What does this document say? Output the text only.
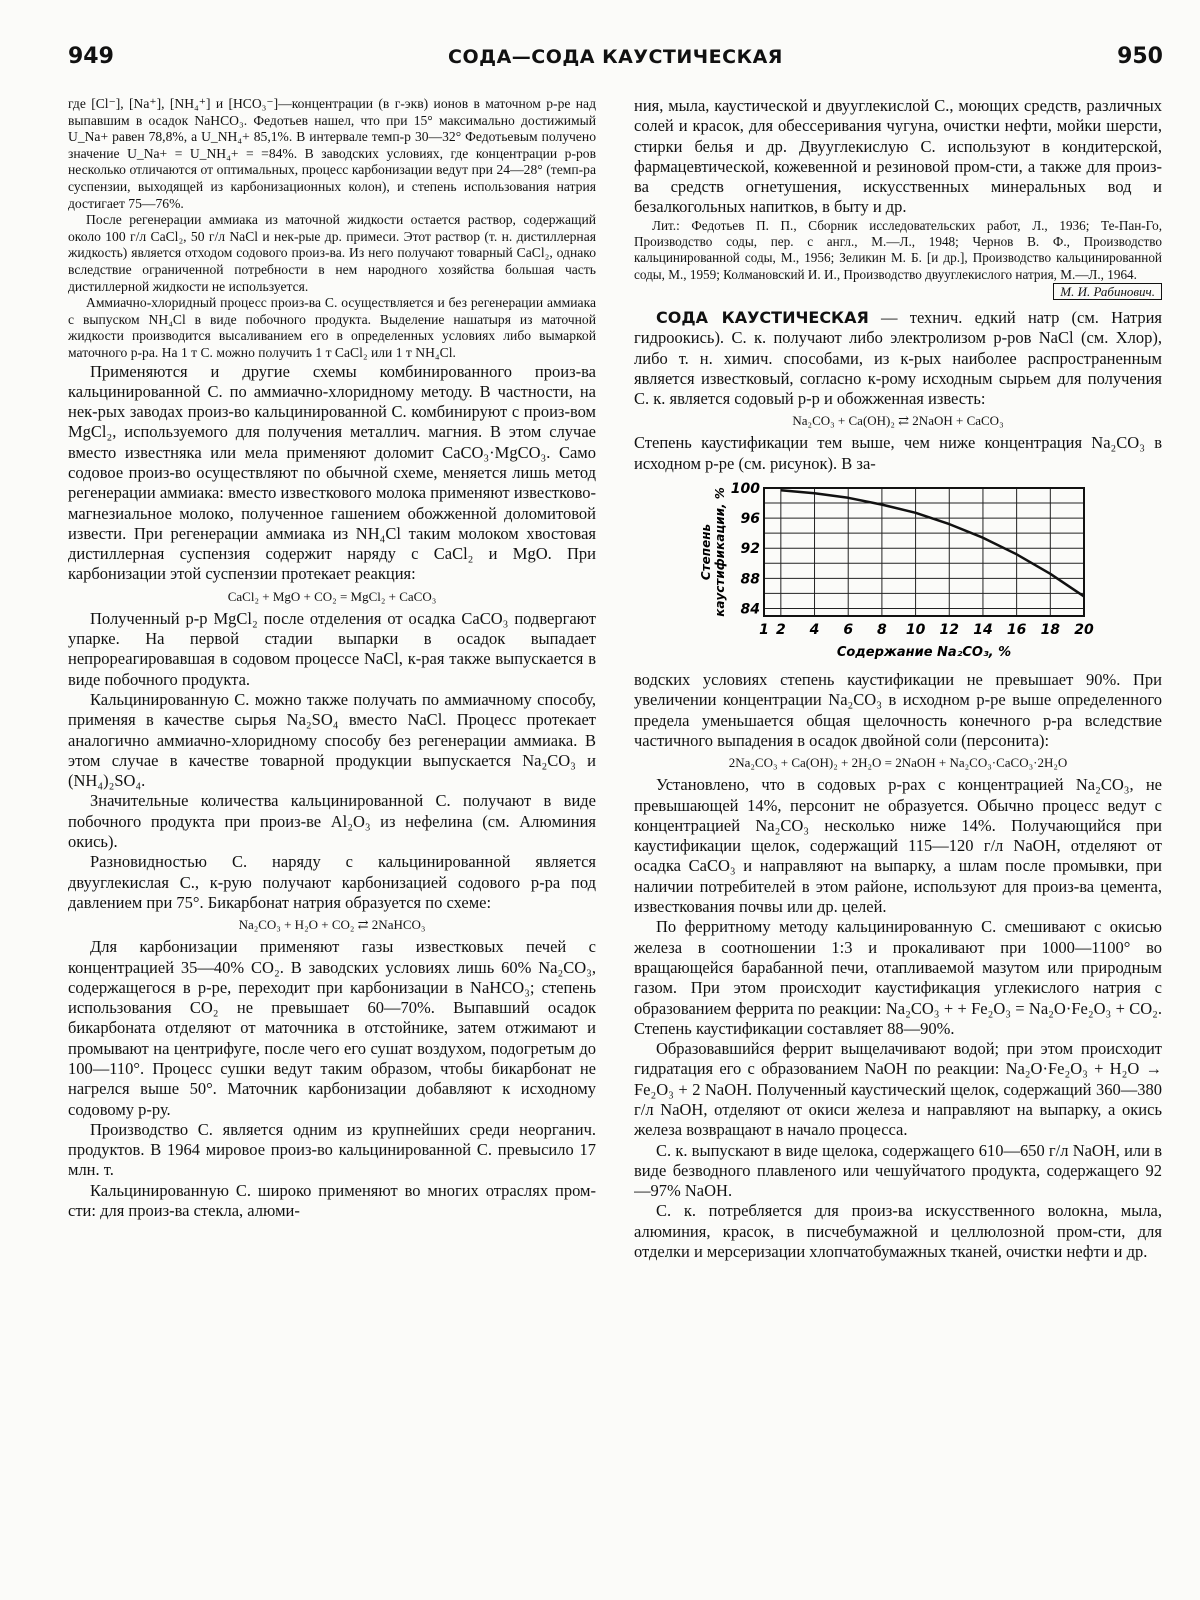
949	СОДА—СОДА КАУСТИЧЕСКАЯ	950

где [Cl⁻], [Na⁺], [NH₄⁺] и [HCO₃⁻]—концентрации (в г-экв) ионов в маточном р-ре над выпавшим в осадок NaHCO₃. Федотьев нашел, что при 15° максимально достижимый U_Na+ равен 78,8%, а U_NH₄+ 85,1%. В интервале темп-р 30—32° Федотьевым получено значение U_Na+ = U_NH₄+ = =84%. В заводских условиях, где концентрации р-ров несколько отличаются от оптимальных, процесс карбонизации ведут при 24—28° (темп-ра суспензии, выходящей из карбонизационных колон), и степень использования натрия достигает 75—76%.

После регенерации аммиака из маточной жидкости остается раствор, содержащий около 100 г/л CaCl₂, 50 г/л NaCl и нек-рые др. примеси. Этот раствор (т. н. дистиллерная жидкость) является отходом содового произ-ва. Из него получают товарный CaCl₂, однако вследствие ограниченной потребности в нем народного хозяйства большая часть дистиллерной жидкости не используется.

Аммиачно-хлоридный процесс произ-ва С. осуществляется и без регенерации аммиака с выпуском NH₄Cl в виде побочного продукта. Выделение нашатыря из маточной жидкости производится высаливанием его в определенных условиях либо вымаркой маточного р-ра. На 1 т С. можно получить 1 т CaCl₂ или 1 т NH₄Cl.

Применяются и другие схемы комбинированного произ-ва кальцинированной С. по аммиачно-хлоридному методу. В частности, на нек-рых заводах произ-во кальцинированной С. комбинируют с произ-вом MgCl₂, используемого для получения металлич. магния. В этом случае вместо известняка или мела применяют доломит CaCO₃·MgCO₃. Само содовое произ-во осуществляют по обычной схеме, меняется лишь метод регенерации аммиака: вместо известкового молока применяют известково-магнезиальное молоко, полученное гашением обожженной доломитовой извести. При регенерации аммиака из NH₄Cl таким молоком хвостовая дистиллерная суспензия содержит наряду с CaCl₂ и MgO. При карбонизации этой суспензии протекает реакция:

CaCl₂ + MgO + CO₂ = MgCl₂ + CaCO₃

Полученный р-р MgCl₂ после отделения от осадка CaCO₃ подвергают упарке. На первой стадии выпарки в осадок выпадает непрореагировавшая в содовом процессе NaCl, к-рая также выпускается в виде побочного продукта.

Кальцинированную С. можно также получать по аммиачному способу, применяя в качестве сырья Na₂SO₄ вместо NaCl. Процесс протекает аналогично аммиачно-хлоридному способу без регенерации аммиака. В этом случае в качестве товарной продукции выпускается Na₂CO₃ и (NH₄)₂SO₄.

Значительные количества кальцинированной С. получают в виде побочного продукта при произ-ве Al₂O₃ из нефелина (см. Алюминия окись).

Разновидностью С. наряду с кальцинированной является двууглекислая С., к-рую получают карбонизацией содового р-ра под давлением при 75°. Бикарбонат натрия образуется по схеме:

Na₂CO₃ + H₂O + CO₂ ⇄ 2NaHCO₃

Для карбонизации применяют газы известковых печей с концентрацией 35—40% CO₂. В заводских условиях лишь 60% Na₂CO₃, содержащегося в р-ре, переходит при карбонизации в NaHCO₃; степень использования CO₂ не превышает 60—70%. Выпавший осадок бикарбоната отделяют от маточника в отстойнике, затем отжимают и промывают на центрифуге, после чего его сушат воздухом, подогретым до 100—110°. Процесс сушки ведут таким образом, чтобы бикарбонат не нагрелся выше 50°. Маточник карбонизации добавляют к исходному содовому р-ру.

Производство С. является одним из крупнейших среди неорганич. продуктов. В 1964 мировое произ-во кальцинированной С. превысило 17 млн. т.

Кальцинированную С. широко применяют во многих отраслях пром-сти: для произ-ва стекла, алюми-

ния, мыла, каустической и двууглекислой С., моющих средств, различных солей и красок, для обессеривания чугуна, очистки нефти, мойки шерсти, стирки белья и др. Двууглекислую С. используют в кондитерской, фармацевтической, кожевенной и резиновой пром-сти, а также для произ-ва средств огнетушения, искусственных минеральных вод и безалкогольных напитков, в быту и др.

Лит.: Федотьев П. П., Сборник исследовательских работ, Л., 1936; Те-Пан-Го, Производство соды, пер. с англ., М.—Л., 1948; Чернов В. Ф., Производство кальцинированной соды, М., 1956; Зеликин М. Б. [и др.], Производство кальцинированной соды, М., 1959; Колмановский И. И., Производство двууглекислого натрия, М.—Л., 1964.

М. И. Рабинович.

СОДА КАУСТИЧЕСКАЯ — технич. едкий натр (см. Натрия гидроокись). С. к. получают либо электролизом р-ров NaCl (см. Хлор), либо т. н. химич. способами, из к-рых наиболее распространенным является известковый, согласно к-рому исходным сырьем для получения С. к. является содовый р-р и обожженная известь:

Na₂CO₃ + Ca(OH)₂ ⇄ 2NaOH + CaCO₃

Степень каустификации тем выше, чем ниже концентрация Na₂CO₃ в исходном р-ре (см. рисунок). В за-

1 2 4 6 8 10 12 14 16 18 20
84
88
92
96
100
Содержание Na₂CO₃, %
Степенькаустификации, %

водских условиях степень каустификации не превышает 90%. При увеличении концентрации Na₂CO₃ в исходном р-ре выше определенного предела уменьшается общая щелочность конечного р-ра вследствие частичного выпадения в осадок двойной соли (персонита):

2Na₂CO₃ + Ca(OH)₂ + 2H₂O = 2NaOH + Na₂CO₃·CaCO₃·2H₂O

Установлено, что в содовых р-рах с концентрацией Na₂CO₃, не превышающей 14%, персонит не образуется. Обычно процесс ведут с концентрацией Na₂CO₃ несколько ниже 14%. Получающийся при каустификации щелок, содержащий 115—120 г/л NaOH, отделяют от осадка CaCO₃ и направляют на выпарку, а шлам после промывки, при наличии потребителей в этом районе, используют для произ-ва цемента, известкования почвы или др. целей.

По ферритному методу кальцинированную С. смешивают с окисью железа в соотношении 1:3 и прокаливают при 1000—1100° во вращающейся барабанной печи, отапливаемой мазутом или природным газом. При этом происходит каустификация углекислого натрия с образованием феррита по реакции: Na₂CO₃ + + Fe₂O₃ = Na₂O·Fe₂O₃ + CO₂. Степень каустификации составляет 88—90%.

Образовавшийся феррит выщелачивают водой; при этом происходит гидратация его с образованием NaOH по реакции: Na₂O·Fe₂O₃ + H₂O → Fe₂O₃ + 2 NaOH. Полученный каустический щелок, содержащий 360—380 г/л NaOH, отделяют от окиси железа и направляют на выпарку, а окись железа возвращают в начало процесса.

С. к. выпускают в виде щелока, содержащего 610—650 г/л NaOH, или в виде безводного плавленого или чешуйчатого продукта, содержащего 92—97% NaOH.

С. к. потребляется для произ-ва искусственного волокна, мыла, алюминия, красок, в писчебумажной и целлюлозной пром-сти, для отделки и мерсеризации хлопчатобумажных тканей, очистки нефти и др.
